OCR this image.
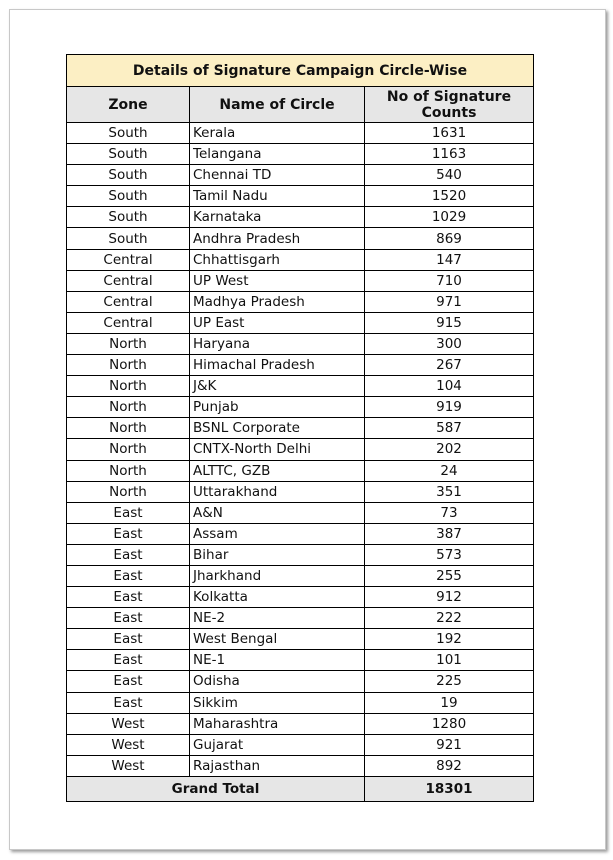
Details of Signature Campaign Circle-Wise		
Zone	Name of Circle	No of Signature Counts
South	Kerala	1631
South	Telangana	1163
South	Chennai TD	540
South	Tamil Nadu	1520
South	Karnataka	1029
South	Andhra Pradesh	869
Central	Chhattisgarh	147
Central	UP West	710
Central	Madhya Pradesh	971
Central	UP East	915
North	Haryana	300
North	Himachal Pradesh	267
North	J&K	104
North	Punjab	919
North	BSNL Corporate	587
North	CNTX-North Delhi	202
North	ALTTC, GZB	24
North	Uttarakhand	351
East	A&N	73
East	Assam	387
East	Bihar	573
East	Jharkhand	255
East	Kolkatta	912
East	NE-2	222
East	West Bengal	192
East	NE-1	101
East	Odisha	225
East	Sikkim	19
West	Maharashtra	1280
West	Gujarat	921
West	Rajasthan	892
Grand Total		18301
